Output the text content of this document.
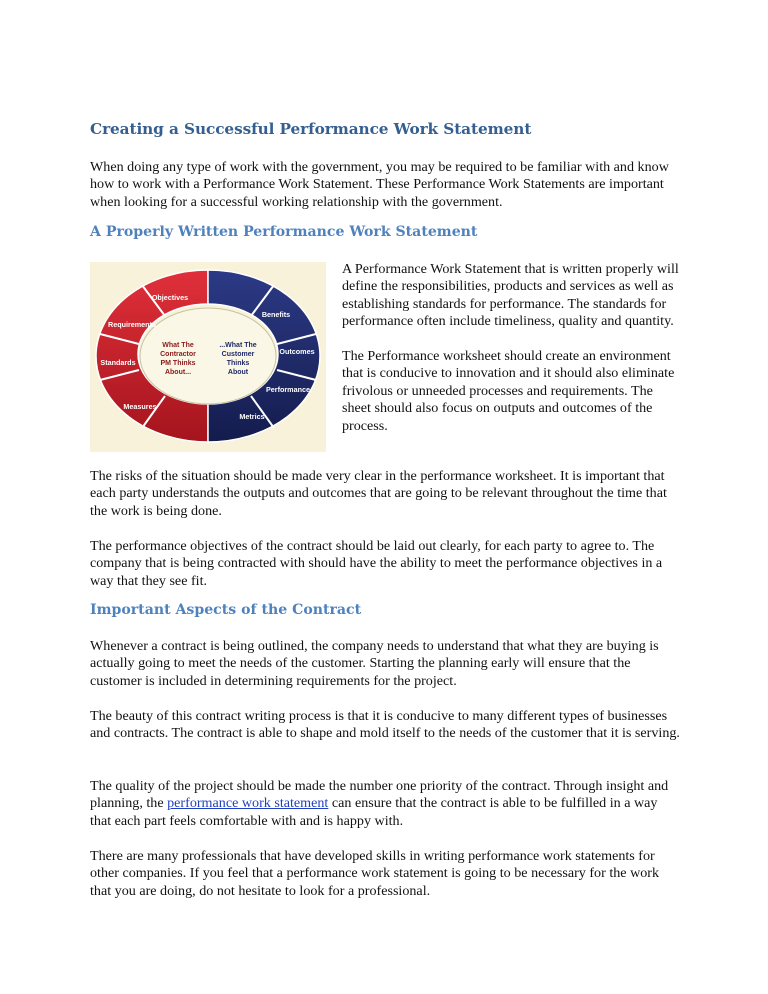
Creating a Successful Performance Work Statement

When doing any type of work with the government, you may be required to be familiar with and know how to work with a Performance Work Statement. These Performance Work Statements are important when looking for a successful working relationship with the government.

A Properly Written Performance Work Statement
Objectives
Requirements
Standards
Measures
Benefits
Outcomes
Performance
Metrics
What The
Contractor
PM Thinks
About...
...What The
Customer
Thinks
About

A Performance Work Statement that is written properly will define the responsibilities, products and services as well as establishing standards for performance. The standards for performance often include timeliness, quality and quantity.

The Performance worksheet should create an environment that is conducive to innovation and it should also eliminate frivolous or unneeded processes and requirements. The sheet should also focus on outputs and outcomes of the process.

The risks of the situation should be made very clear in the performance worksheet. It is important that each party understands the outputs and outcomes that are going to be relevant throughout the time that the work is being done.

The performance objectives of the contract should be laid out clearly, for each party to agree to. The company that is being contracted with should have the ability to meet the performance objectives in a way that they see fit.

Important Aspects of the Contract

Whenever a contract is being outlined, the company needs to understand that what they are buying is actually going to meet the needs of the customer. Starting the planning early will ensure that the customer is included in determining requirements for the project.

The beauty of this contract writing process is that it is conducive to many different types of businesses and contracts. The contract is able to shape and mold itself to the needs of the customer that it is serving.

The quality of the project should be made the number one priority of the contract. Through insight and planning, the performance work statement can ensure that the contract is able to be fulfilled in a way that each part feels comfortable with and is happy with.

There are many professionals that have developed skills in writing performance work statements for other companies. If you feel that a performance work statement is going to be necessary for the work that you are doing, do not hesitate to look for a professional.
